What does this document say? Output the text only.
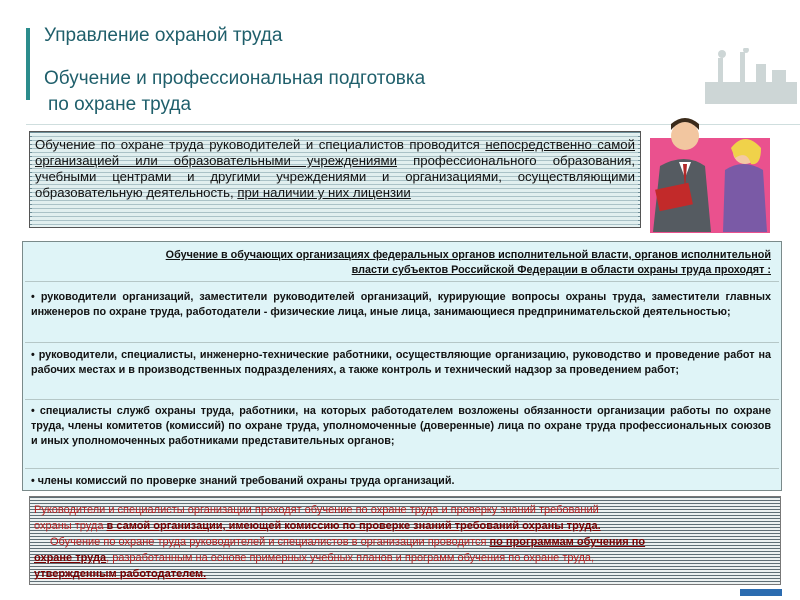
Управление охраной труда
Обучение и профессиональная подготовка
по охране труда

Обучение по охране труда руководителей и специалистов проводится непосредственно самой организацией или образовательными учреждениями профессионального образования, учебными центрами и другими учреждениями и организациями, осуществляющими образовательную деятельность, при наличии у них лицензии

Обучение в обучающих организациях федеральных органов исполнительной власти, органов исполнительной власти субъектов Российской Федерации в области охраны труда проходят :
• руководители организаций, заместители руководителей организаций, курирующие вопросы охраны труда, заместители главных инженеров по охране труда, работодатели - физические лица, иные лица, занимающиеся предпринимательской деятельностью;
• руководители, специалисты, инженерно-технические работники, осуществляющие организацию, руководство и проведение работ на рабочих местах и в производственных подразделениях, а также контроль и технический надзор за проведением работ;
• специалисты служб охраны труда, работники, на которых работодателем возложены обязанности организации работы по охране труда, члены комитетов (комиссий) по охране труда, уполномоченные (доверенные) лица по охране труда профессиональных союзов и иных уполномоченных работниками представительных органов;
• члены комиссий по проверке знаний требований охраны труда организаций.
Руководители и специалисты организации проходят обучение по охране труда и проверку знаний требований
охраны труда в самой организации, имеющей комиссию по проверке знаний требований охраны труда.
Обучение по охране труда руководителей и специалистов в организации проводится по программам обучения по
охране труда, разработанным на основе примерных учебных планов и программ обучения по охране труда,
утвержденным работодателем.
